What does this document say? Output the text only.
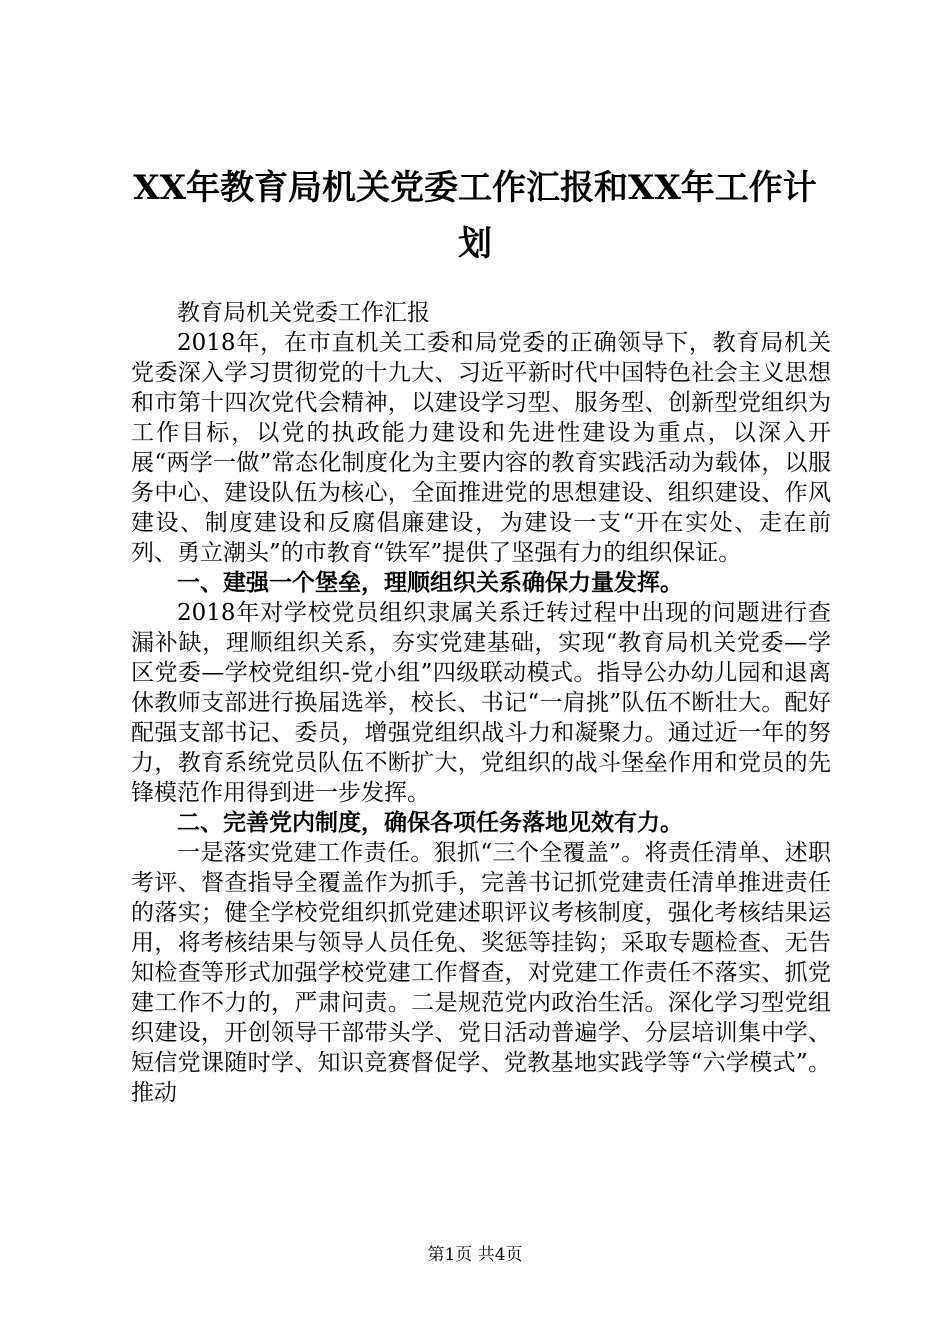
XX年教育局机关党委工作汇报和XX年工作计划

教育局机关党委工作汇报

2018年，在市直机关工委和局党委的正确领导下，教育局机关党委深入学习贯彻党的十九大、习近平新时代中国特色社会主义思想和市第十四次党代会精神，以建设学习型、服务型、创新型党组织为工作目标，以党的执政能力建设和先进性建设为重点，以深入开展“两学一做”常态化制度化为主要内容的教育实践活动为载体，以服务中心、建设队伍为核心，全面推进党的思想建设、组织建设、作风建设、制度建设和反腐倡廉建设，为建设一支“开在实处、走在前列、勇立潮头”的市教育“铁军”提供了坚强有力的组织保证。

一、建强一个堡垒，理顺组织关系确保力量发挥。

2018年对学校党员组织隶属关系迁转过程中出现的问题进行查漏补缺，理顺组织关系，夯实党建基础，实现“教育局机关党委—学区党委—学校党组织-党小组”四级联动模式。指导公办幼儿园和退离休教师支部进行换届选举，校长、书记“一肩挑”队伍不断壮大。配好配强支部书记、委员，增强党组织战斗力和凝聚力。通过近一年的努力，教育系统党员队伍不断扩大，党组织的战斗堡垒作用和党员的先锋模范作用得到进一步发挥。

二、完善党内制度，确保各项任务落地见效有力。

一是落实党建工作责任。狠抓“三个全覆盖”。将责任清单、述职考评、督查指导全覆盖作为抓手，完善书记抓党建责任清单推进责任的落实；健全学校党组织抓党建述职评议考核制度，强化考核结果运用，将考核结果与领导人员任免、奖惩等挂钩；采取专题检查、无告知检查等形式加强学校党建工作督查，对党建工作责任不落实、抓党建工作不力的，严肃问责。二是规范党内政治生活。深化学习型党组织建设，开创领导干部带头学、党日活动普遍学、分层培训集中学、短信党课随时学、知识竞赛督促学、党教基地实践学等“六学模式”。推动

第1页 共4页
